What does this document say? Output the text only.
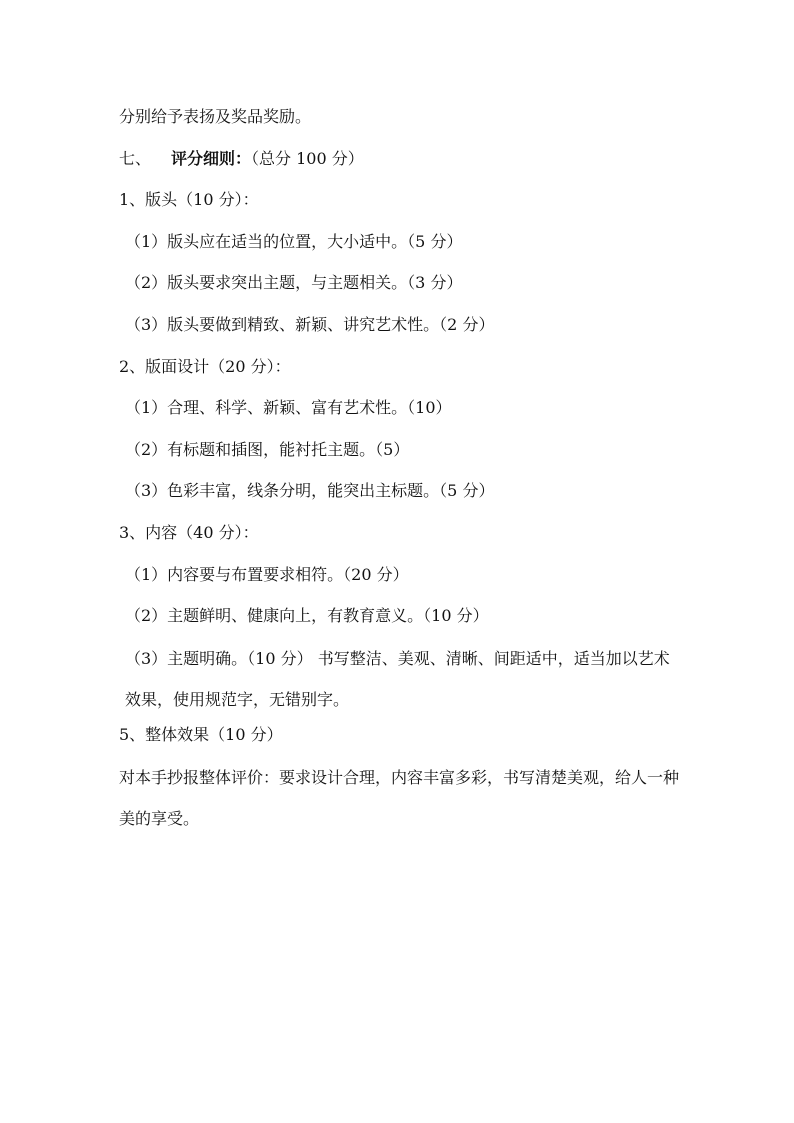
分别给予表扬及奖品奖励。
七、 评分细则：（总分 100 分）
1、版头（10 分）：
（1）版头应在适当的位置，大小适中。（5 分）
（2）版头要求突出主题，与主题相关。（3 分）
（3）版头要做到精致、新颖、讲究艺术性。（2 分）
2、版面设计（20 分）：
（1）合理、科学、新颖、富有艺术性。（10）
（2）有标题和插图，能衬托主题。（5）
（3）色彩丰富，线条分明，能突出主标题。（5 分）
3、内容（40 分）：
（1）内容要与布置要求相符。（20 分）
（2）主题鲜明、健康向上，有教育意义。（10 分）
（3）主题明确。（10 分） 书写整洁、美观、清晰、间距适中，适当加以艺术效果，使用规范字，无错别字。
5、整体效果（10 分）
对本手抄报整体评价：要求设计合理，内容丰富多彩，书写清楚美观，给人一种美的享受。
